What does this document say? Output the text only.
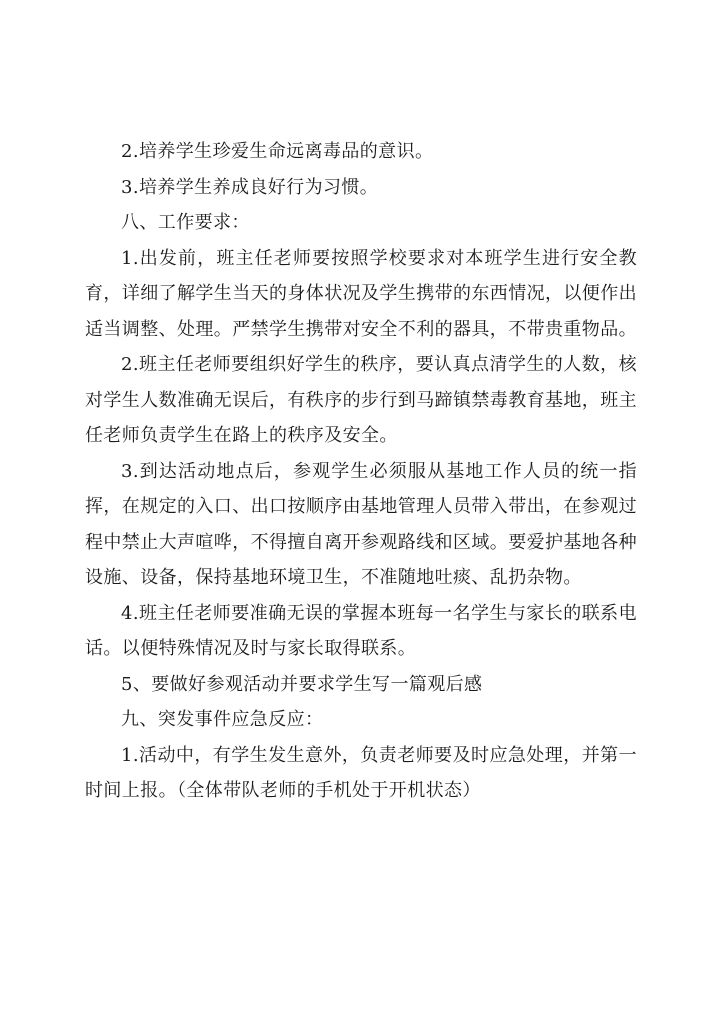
2.培养学生珍爱生命远离毒品的意识。

3.培养学生养成良好行为习惯。

八、工作要求：

1.出发前，班主任老师要按照学校要求对本班学生进行安全教育，详细了解学生当天的身体状况及学生携带的东西情况，以便作出适当调整、处理。严禁学生携带对安全不利的器具，不带贵重物品。

2.班主任老师要组织好学生的秩序，要认真点清学生的人数，核对学生人数准确无误后，有秩序的步行到马蹄镇禁毒教育基地，班主任老师负责学生在路上的秩序及安全。

3.到达活动地点后，参观学生必须服从基地工作人员的统一指挥，在规定的入口、出口按顺序由基地管理人员带入带出，在参观过程中禁止大声喧哗，不得擅自离开参观路线和区域。要爱护基地各种设施、设备，保持基地环境卫生，不准随地吐痰、乱扔杂物。

4.班主任老师要准确无误的掌握本班每一名学生与家长的联系电话。以便特殊情况及时与家长取得联系。

5、要做好参观活动并要求学生写一篇观后感

九、突发事件应急反应：

1.活动中，有学生发生意外，负责老师要及时应急处理，并第一时间上报。（全体带队老师的手机处于开机状态）
